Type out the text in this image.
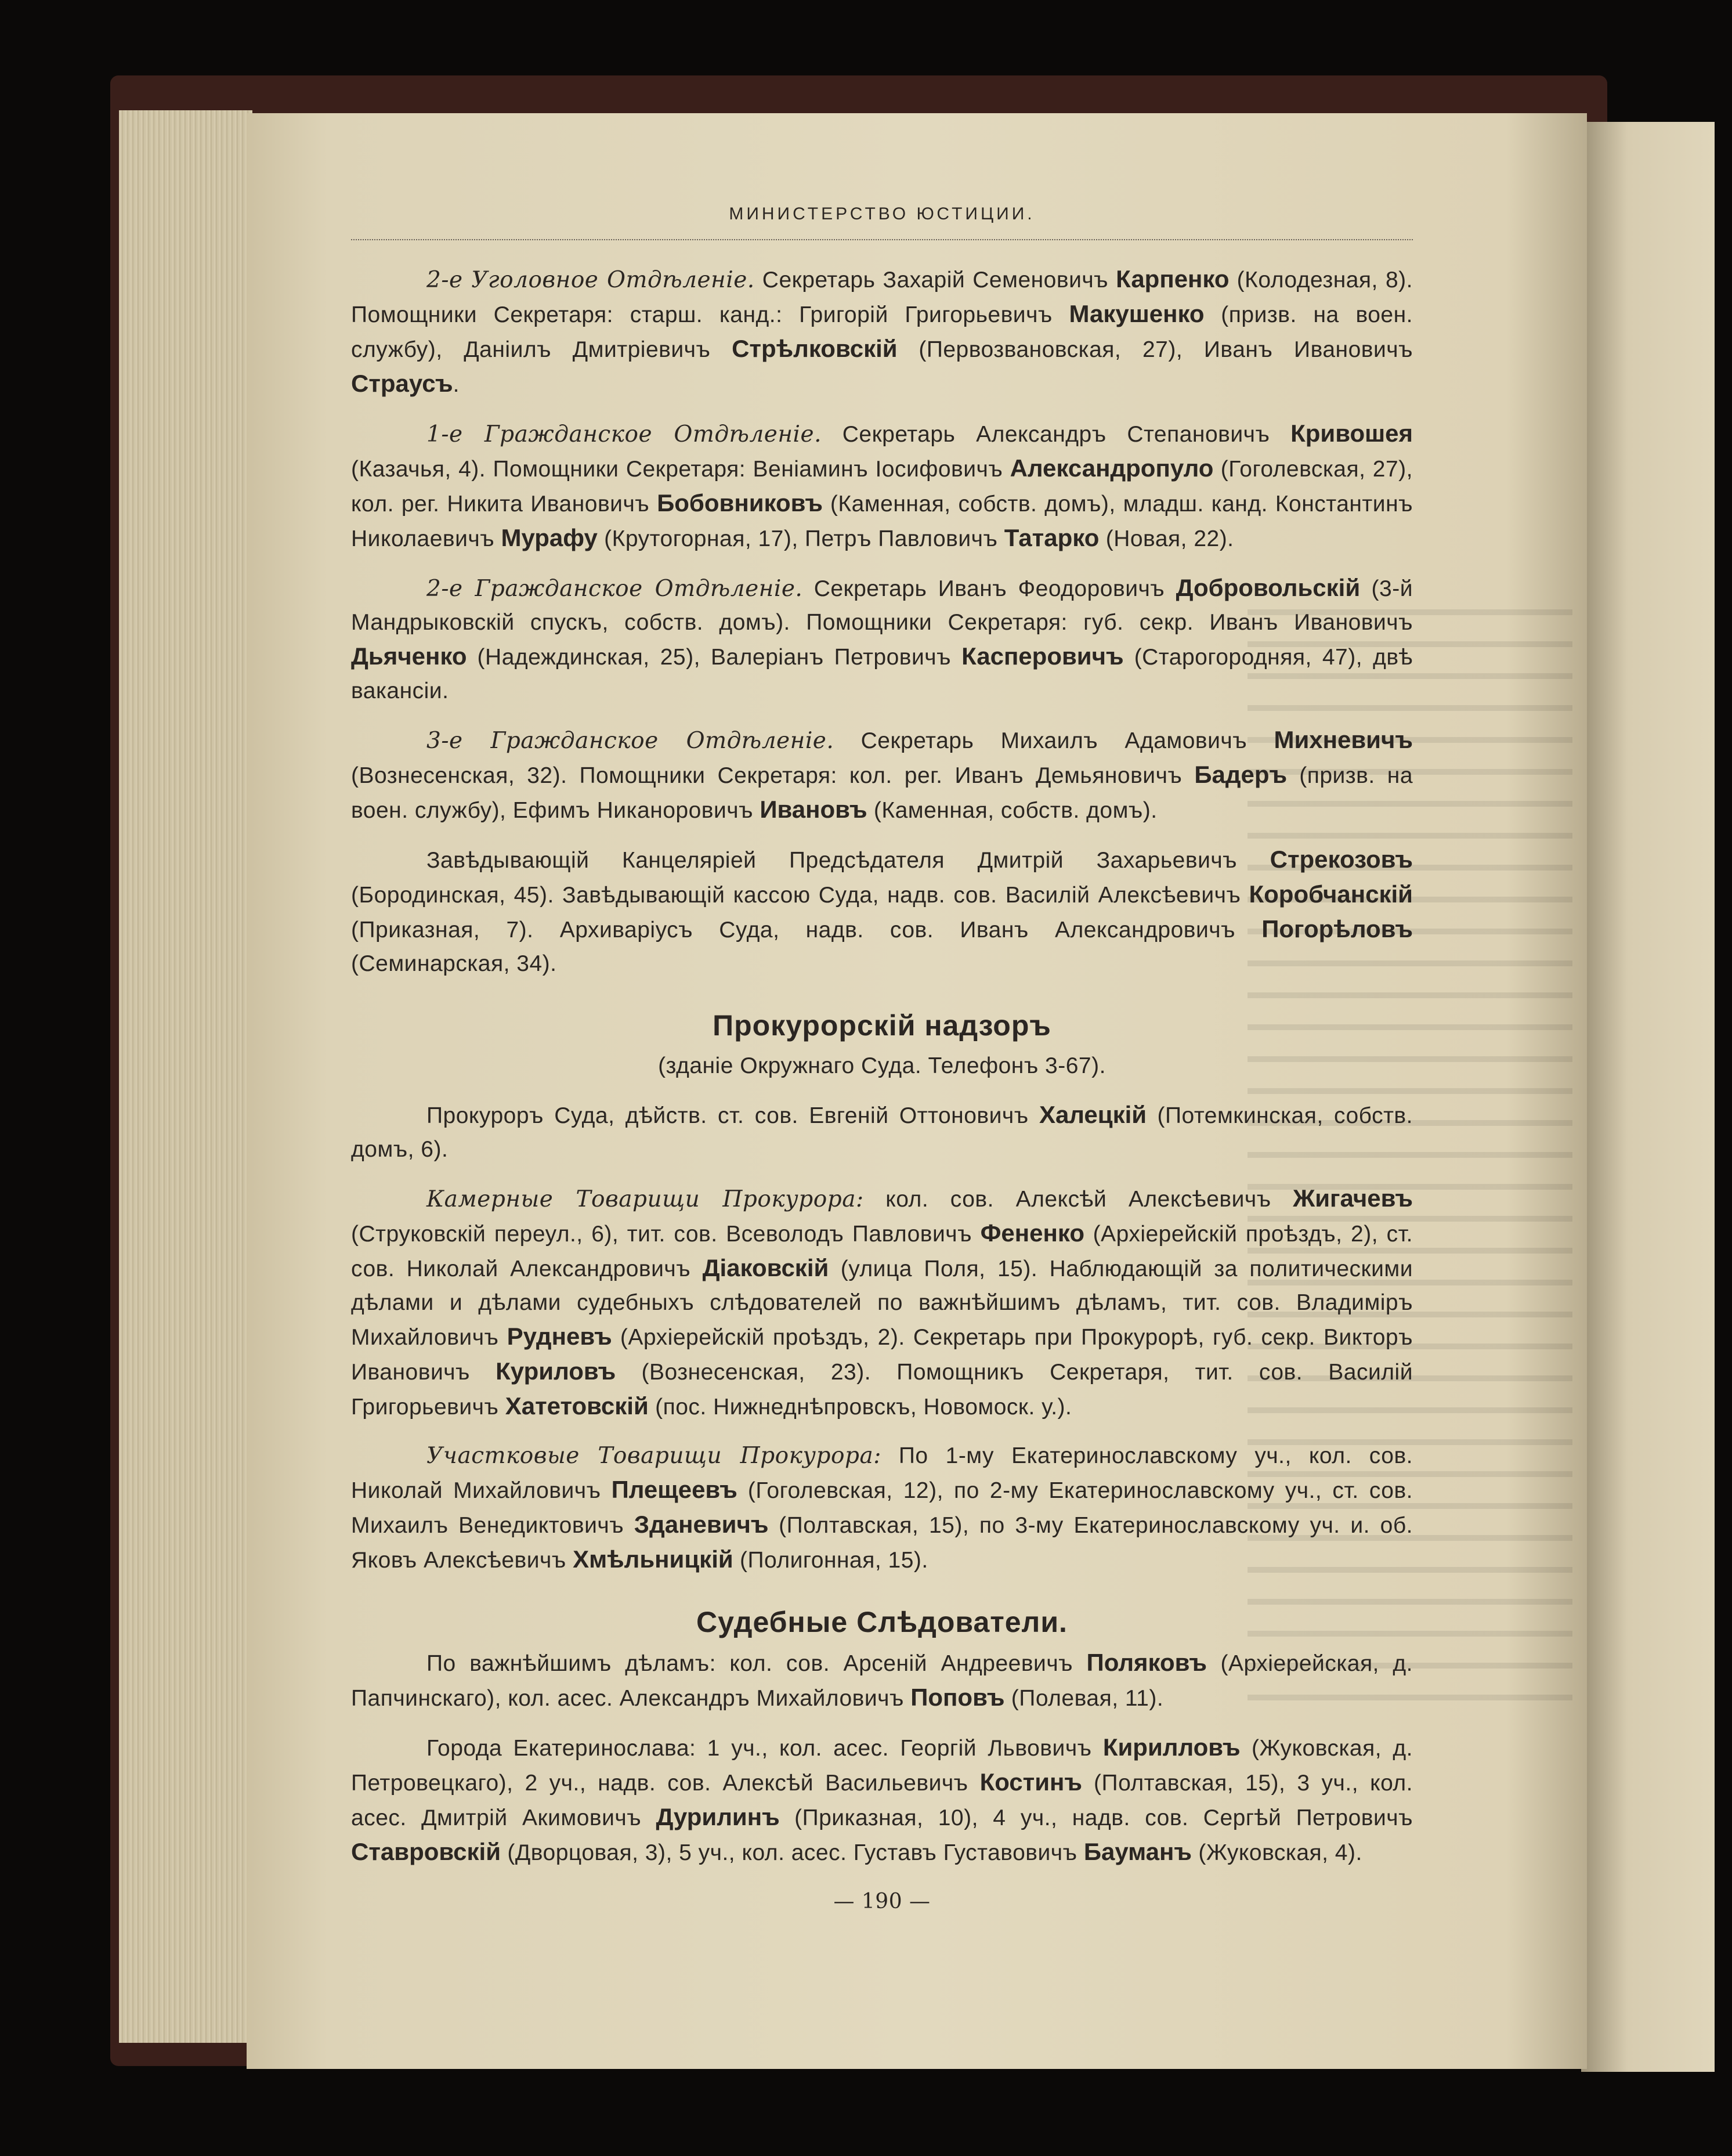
МИНИСТЕРСТВО ЮСТИЦИИ.

2-е Уголовное Отдѣленіе. Секретарь Захарій Семеновичъ Карпенко (Колодезная, 8). Помощники Секретаря: старш. канд.: Григорій Григорьевичъ Макушенко (призв. на воен. службу), Даніилъ Дмитріевичъ Стрѣлковскій (Первозвановская, 27), Иванъ Ивановичъ Страусъ.

1-е Гражданское Отдѣленіе. Секретарь Александръ Степановичъ Кривошея (Казачья, 4). Помощники Секретаря: Веніаминъ Іосифовичъ Александропуло (Гоголевская, 27), кол. рег. Никита Ивановичъ Бобовниковъ (Каменная, собств. домъ), младш. канд. Константинъ Николаевичъ Мурафу (Крутогорная, 17), Петръ Павловичъ Татарко (Новая, 22).

2-е Гражданское Отдѣленіе. Секретарь Иванъ Феодоровичъ Добровольскій (3-й Мандрыковскій спускъ, собств. домъ). Помощники Секретаря: губ. секр. Иванъ Ивановичъ Дьяченко (Надеждинская, 25), Валеріанъ Петровичъ Касперовичъ (Старогородняя, 47), двѣ вакансіи.

3-е Гражданское Отдѣленіе. Секретарь Михаилъ Адамовичъ Михневичъ (Вознесенская, 32). Помощники Секретаря: кол. рег. Иванъ Демьяновичъ Бадеръ (призв. на воен. службу), Ефимъ Никаноровичъ Ивановъ (Каменная, собств. домъ).

Завѣдывающій Канцеляріей Предсѣдателя Дмитрій Захарьевичъ Стрекозовъ (Бородинская, 45). Завѣдывающій кассою Суда, надв. сов. Василій Алексѣевичъ Коробчанскій (Приказная, 7). Архиваріусъ Суда, надв. сов. Иванъ Александровичъ Погорѣловъ (Семинарская, 34).

Прокурорскій надзоръ
(зданіе Окружнаго Суда. Телефонъ 3-67).

Прокуроръ Суда, дѣйств. ст. сов. Евгеній Оттоновичъ Халецкій (Потемкинская, собств. домъ, 6).

Камерные Товарищи Прокурора: кол. сов. Алексѣй Алексѣевичъ Жигачевъ (Струковскій переул., 6), тит. сов. Всеволодъ Павловичъ Фененко (Архіерейскій проѣздъ, 2), ст. сов. Николай Александровичъ Діаковскій (улица Поля, 15). Наблюдающій за политическими дѣлами и дѣлами судебныхъ слѣдователей по важнѣйшимъ дѣламъ, тит. сов. Владиміръ Михайловичъ Рудневъ (Архіерейскій проѣздъ, 2). Секретарь при Прокурорѣ, губ. секр. Викторъ Ивановичъ Куриловъ (Вознесенская, 23). Помощникъ Секретаря, тит. сов. Василій Григорьевичъ Хатетовскій (пос. Нижнеднѣпровскъ, Новомоск. у.).

Участковые Товарищи Прокурора: По 1-му Екатеринославскому уч., кол. сов. Николай Михайловичъ Плещеевъ (Гоголевская, 12), по 2-му Екатеринославскому уч., ст. сов. Михаилъ Венедиктовичъ Зданевичъ (Полтавская, 15), по 3-му Екатеринославскому уч. и. об. Яковъ Алексѣевичъ Хмѣльницкій (Полигонная, 15).

Судебные Слѣдователи.

По важнѣйшимъ дѣламъ: кол. сов. Арсеній Андреевичъ Поляковъ (Архіерейская, д. Папчинскаго), кол. асес. Александръ Михайловичъ Поповъ (Полевая, 11).

Города Екатеринослава: 1 уч., кол. асес. Георгій Львовичъ Кирилловъ (Жуковская, д. Петровецкаго), 2 уч., надв. сов. Алексѣй Васильевичъ Костинъ (Полтавская, 15), 3 уч., кол. асес. Дмитрій Акимовичъ Дурилинъ (Приказная, 10), 4 уч., надв. сов. Сергѣй Петровичъ Ставровскій (Дворцовая, 3), 5 уч., кол. асес. Густавъ Густавовичъ Бауманъ (Жуковская, 4).

— 190 —
